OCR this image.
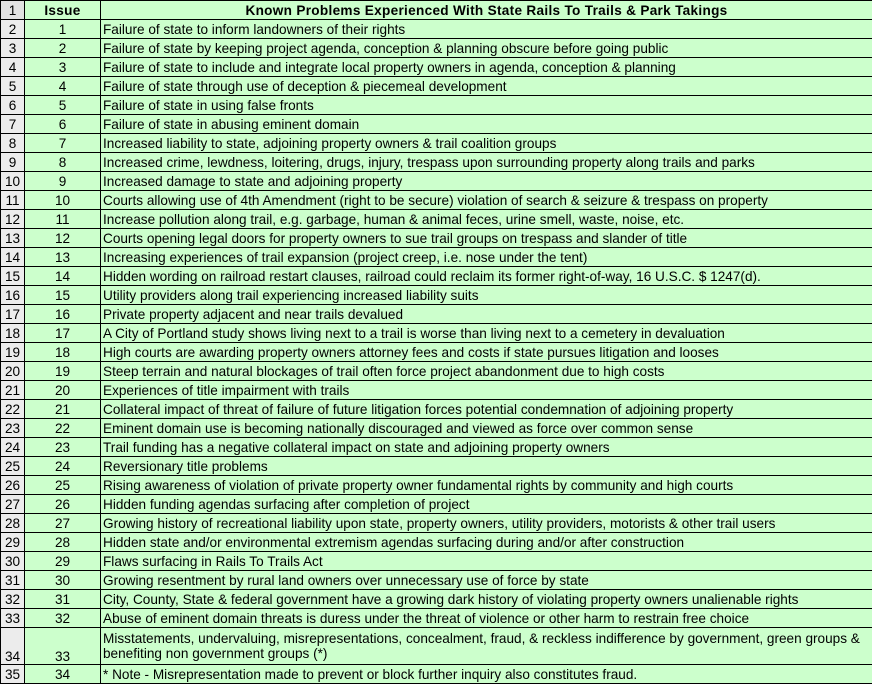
1	Issue	Known Problems Experienced With State Rails To Trails & Park Takings
2	1	Failure of state to inform landowners of their rights
3	2	Failure of state by keeping project agenda, conception & planning obscure before going public
4	3	Failure of state to include and integrate local property owners in agenda, conception & planning
5	4	Failure of state through use of deception & piecemeal development
6	5	Failure of state in using false fronts
7	6	Failure of state in abusing eminent domain
8	7	Increased liability to state, adjoining property owners & trail coalition groups
9	8	Increased crime, lewdness, loitering, drugs, injury, trespass upon surrounding property along trails and parks
10	9	Increased damage to state and adjoining property
11	10	Courts allowing use of 4th Amendment (right to be secure) violation of search & seizure & trespass on property
12	11	Increase pollution along trail, e.g. garbage, human & animal feces, urine smell, waste, noise, etc.
13	12	Courts opening legal doors for property owners to sue trail groups on trespass and slander of title
14	13	Increasing experiences of trail expansion (project creep, i.e. nose under the tent)
15	14	Hidden wording on railroad restart clauses, railroad could reclaim its former right-of-way, 16 U.S.C. $ 1247(d).
16	15	Utility providers along trail experiencing increased liability suits
17	16	Private property adjacent and near trails devalued
18	17	A City of Portland study shows living next to a trail is worse than living next to a cemetery in devaluation
19	18	High courts are awarding property owners attorney fees and costs if state pursues litigation and looses
20	19	Steep terrain and natural blockages of trail often force project abandonment due to high costs
21	20	Experiences of title impairment with trails
22	21	Collateral impact of threat of failure of future litigation forces potential condemnation of adjoining property
23	22	Eminent domain use is becoming nationally discouraged and viewed as force over common sense
24	23	Trail funding has a negative collateral impact on state and adjoining property owners
25	24	Reversionary title problems
26	25	Rising awareness of violation of private property owner fundamental rights by community and high courts
27	26	Hidden funding agendas surfacing after completion of project
28	27	Growing history of recreational liability upon state, property owners, utility providers, motorists & other trail users
29	28	Hidden state and/or environmental extremism agendas surfacing during and/or after construction
30	29	Flaws surfacing in Rails To Trails Act
31	30	Growing resentment by rural land owners over unnecessary use of force by state
32	31	City, County, State & federal government have a growing dark history of violating property owners unalienable rights
33	32	Abuse of eminent domain threats is duress under the threat of violence or other harm to restrain free choice
34	33	Misstatements, undervaluing, misrepresentations, concealment, fraud, & reckless indifference by government, green groups & benefiting non government groups (*)
35	34	* Note - Misrepresentation made to prevent or block further inquiry also constitutes fraud.
